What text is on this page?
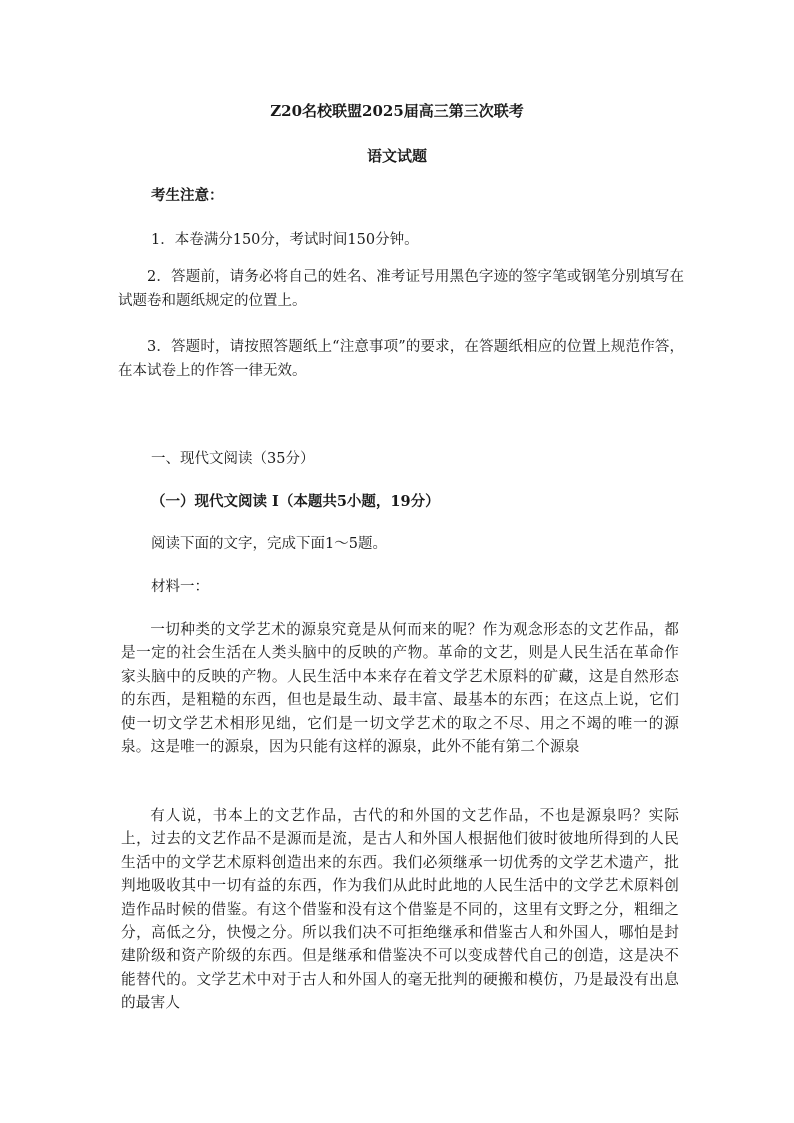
Z20名校联盟2025届高三第三次联考
语文试题
考生注意：
1．本卷满分150分，考试时间150分钟。

2．答题前，请务必将自己的姓名、准考证号用黑色字迹的签字笔或钢笔分别填写在试题卷和题纸规定的位置上。

3．答题时，请按照答题纸上“注意事项”的要求，在答题纸相应的位置上规范作答，在本试卷上的作答一律无效。

一、现代文阅读（35分）
（一）现代文阅读 I（本题共5小题，19分）
阅读下面的文字，完成下面1～5题。
材料一：

一切种类的文学艺术的源泉究竟是从何而来的呢？作为观念形态的文艺作品，都是一定的社会生活在人类头脑中的反映的产物。革命的文艺，则是人民生活在革命作家头脑中的反映的产物。人民生活中本来存在着文学艺术原料的矿藏，这是自然形态的东西，是粗糙的东西，但也是最生动、最丰富、最基本的东西；在这点上说，它们使一切文学艺术相形见绌，它们是一切文学艺术的取之不尽、用之不竭的唯一的源泉。这是唯一的源泉，因为只能有这样的源泉，此外不能有第二个源泉

有人说，书本上的文艺作品，古代的和外国的文艺作品，不也是源泉吗？实际上，过去的文艺作品不是源而是流，是古人和外国人根据他们彼时彼地所得到的人民生活中的文学艺术原料创造出来的东西。我们必须继承一切优秀的文学艺术遗产，批判地吸收其中一切有益的东西，作为我们从此时此地的人民生活中的文学艺术原料创造作品时候的借鉴。有这个借鉴和没有这个借鉴是不同的，这里有文野之分，粗细之分，高低之分，快慢之分。所以我们决不可拒绝继承和借鉴古人和外国人，哪怕是封建阶级和资产阶级的东西。但是继承和借鉴决不可以变成替代自己的创造，这是决不能替代的。文学艺术中对于古人和外国人的毫无批判的硬搬和模仿，乃是最没有出息的最害人
